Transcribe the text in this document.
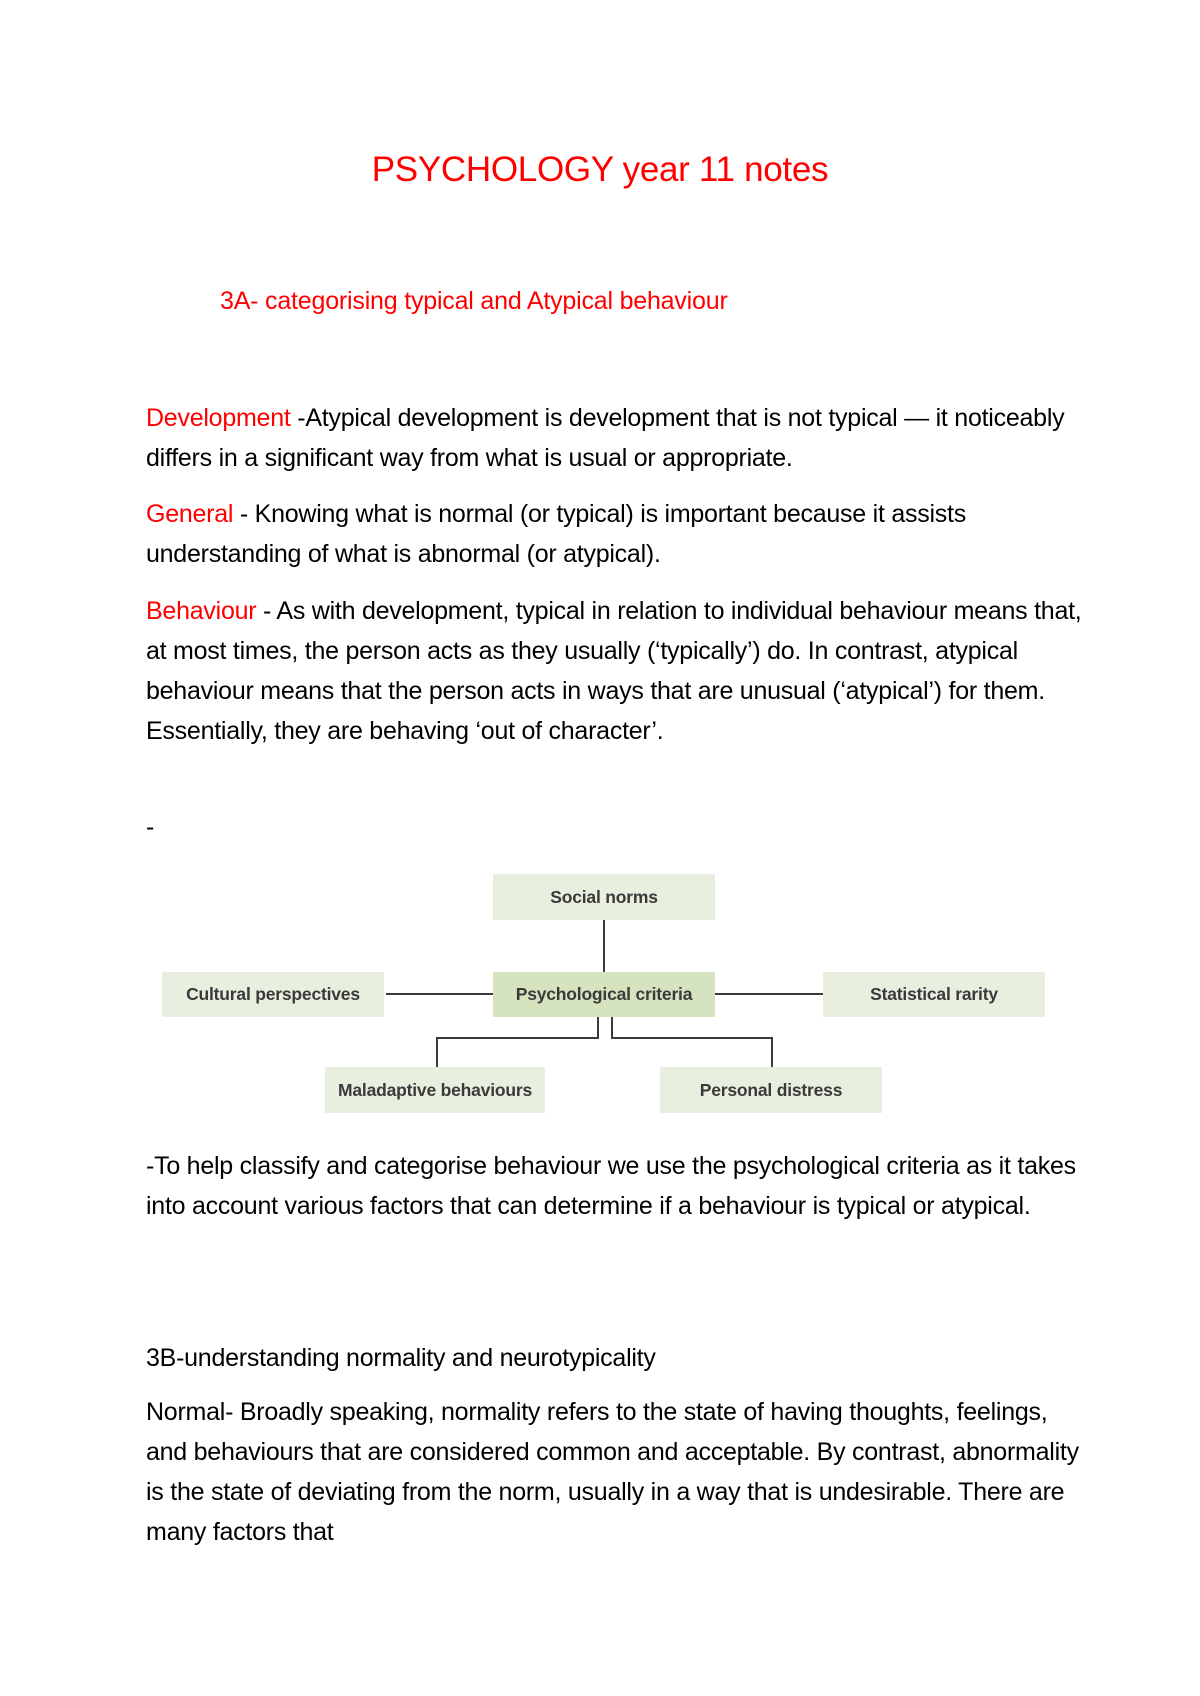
PSYCHOLOGY year 11 notes
3A- categorising typical and Atypical behaviour

Development -Atypical development is development that is not typical — it noticeably differs in a significant way from what is usual or appropriate.

General - Knowing what is normal (or typical) is important because it assists understanding of what is abnormal (or atypical).

Behaviour - As with development, typical in relation to individual behaviour means that, at most times, the person acts as they usually (‘typically’) do. In contrast, atypical behaviour means that the person acts in ways that are unusual (‘atypical’) for them. Essentially, they are behaving ‘out of character’.

-
Social norms
Cultural perspectives	Psychological criteria	Statistical rarity
Maladaptive behaviours	Personal distress

-To help classify and categorise behaviour we use the psychological criteria as it takes into account various factors that can determine if a behaviour is typical or atypical.

3B-understanding normality and neurotypicality

Normal- Broadly speaking, normality refers to the state of having thoughts, feelings, and behaviours that are considered common and acceptable. By contrast, abnormality is the state of deviating from the norm, usually in a way that is undesirable. There are many factors that
